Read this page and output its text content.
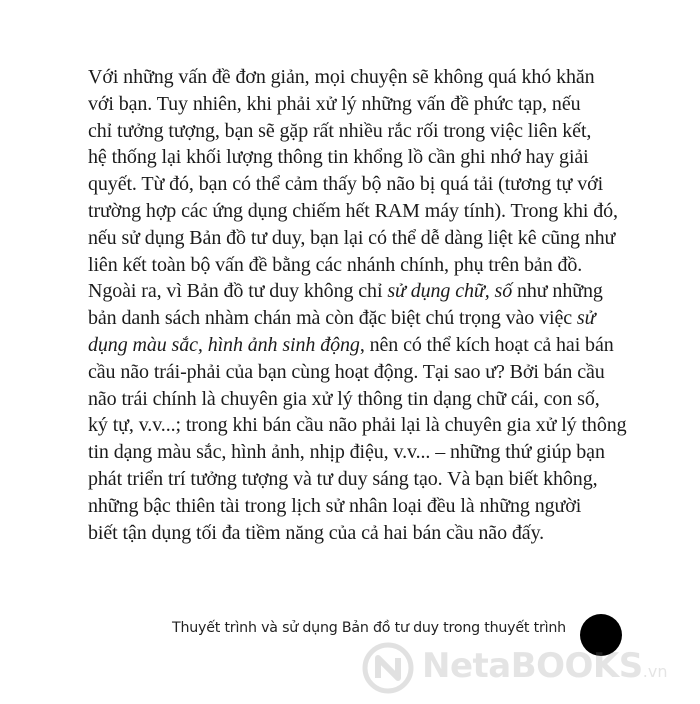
Với những vấn đề đơn giản, mọi chuyện sẽ không quá khó khăn
với bạn. Tuy nhiên, khi phải xử lý những vấn đề phức tạp, nếu
chỉ tưởng tượng, bạn sẽ gặp rất nhiều rắc rối trong việc liên kết,
hệ thống lại khối lượng thông tin khổng lồ cần ghi nhớ hay giải
quyết. Từ đó, bạn có thể cảm thấy bộ não bị quá tải (tương tự với
trường hợp các ứng dụng chiếm hết RAM máy tính). Trong khi đó,
nếu sử dụng Bản đồ tư duy, bạn lại có thể dễ dàng liệt kê cũng như
liên kết toàn bộ vấn đề bằng các nhánh chính, phụ trên bản đồ.
Ngoài ra, vì Bản đồ tư duy không chỉ sử dụng chữ, số như những
bản danh sách nhàm chán mà còn đặc biệt chú trọng vào việc sử
dụng màu sắc, hình ảnh sinh động, nên có thể kích hoạt cả hai bán
cầu não trái-phải của bạn cùng hoạt động. Tại sao ư? Bởi bán cầu
não trái chính là chuyên gia xử lý thông tin dạng chữ cái, con số,
ký tự, v.v...; trong khi bán cầu não phải lại là chuyên gia xử lý thông
tin dạng màu sắc, hình ảnh, nhịp điệu, v.v... – những thứ giúp bạn
phát triển trí tưởng tượng và tư duy sáng tạo. Và bạn biết không,
những bậc thiên tài trong lịch sử nhân loại đều là những người
biết tận dụng tối đa tiềm năng của cả hai bán cầu não đấy.
Thuyết trình và sử dụng Bản đồ tư duy trong thuyết trình
NetaBOOKS.vn
